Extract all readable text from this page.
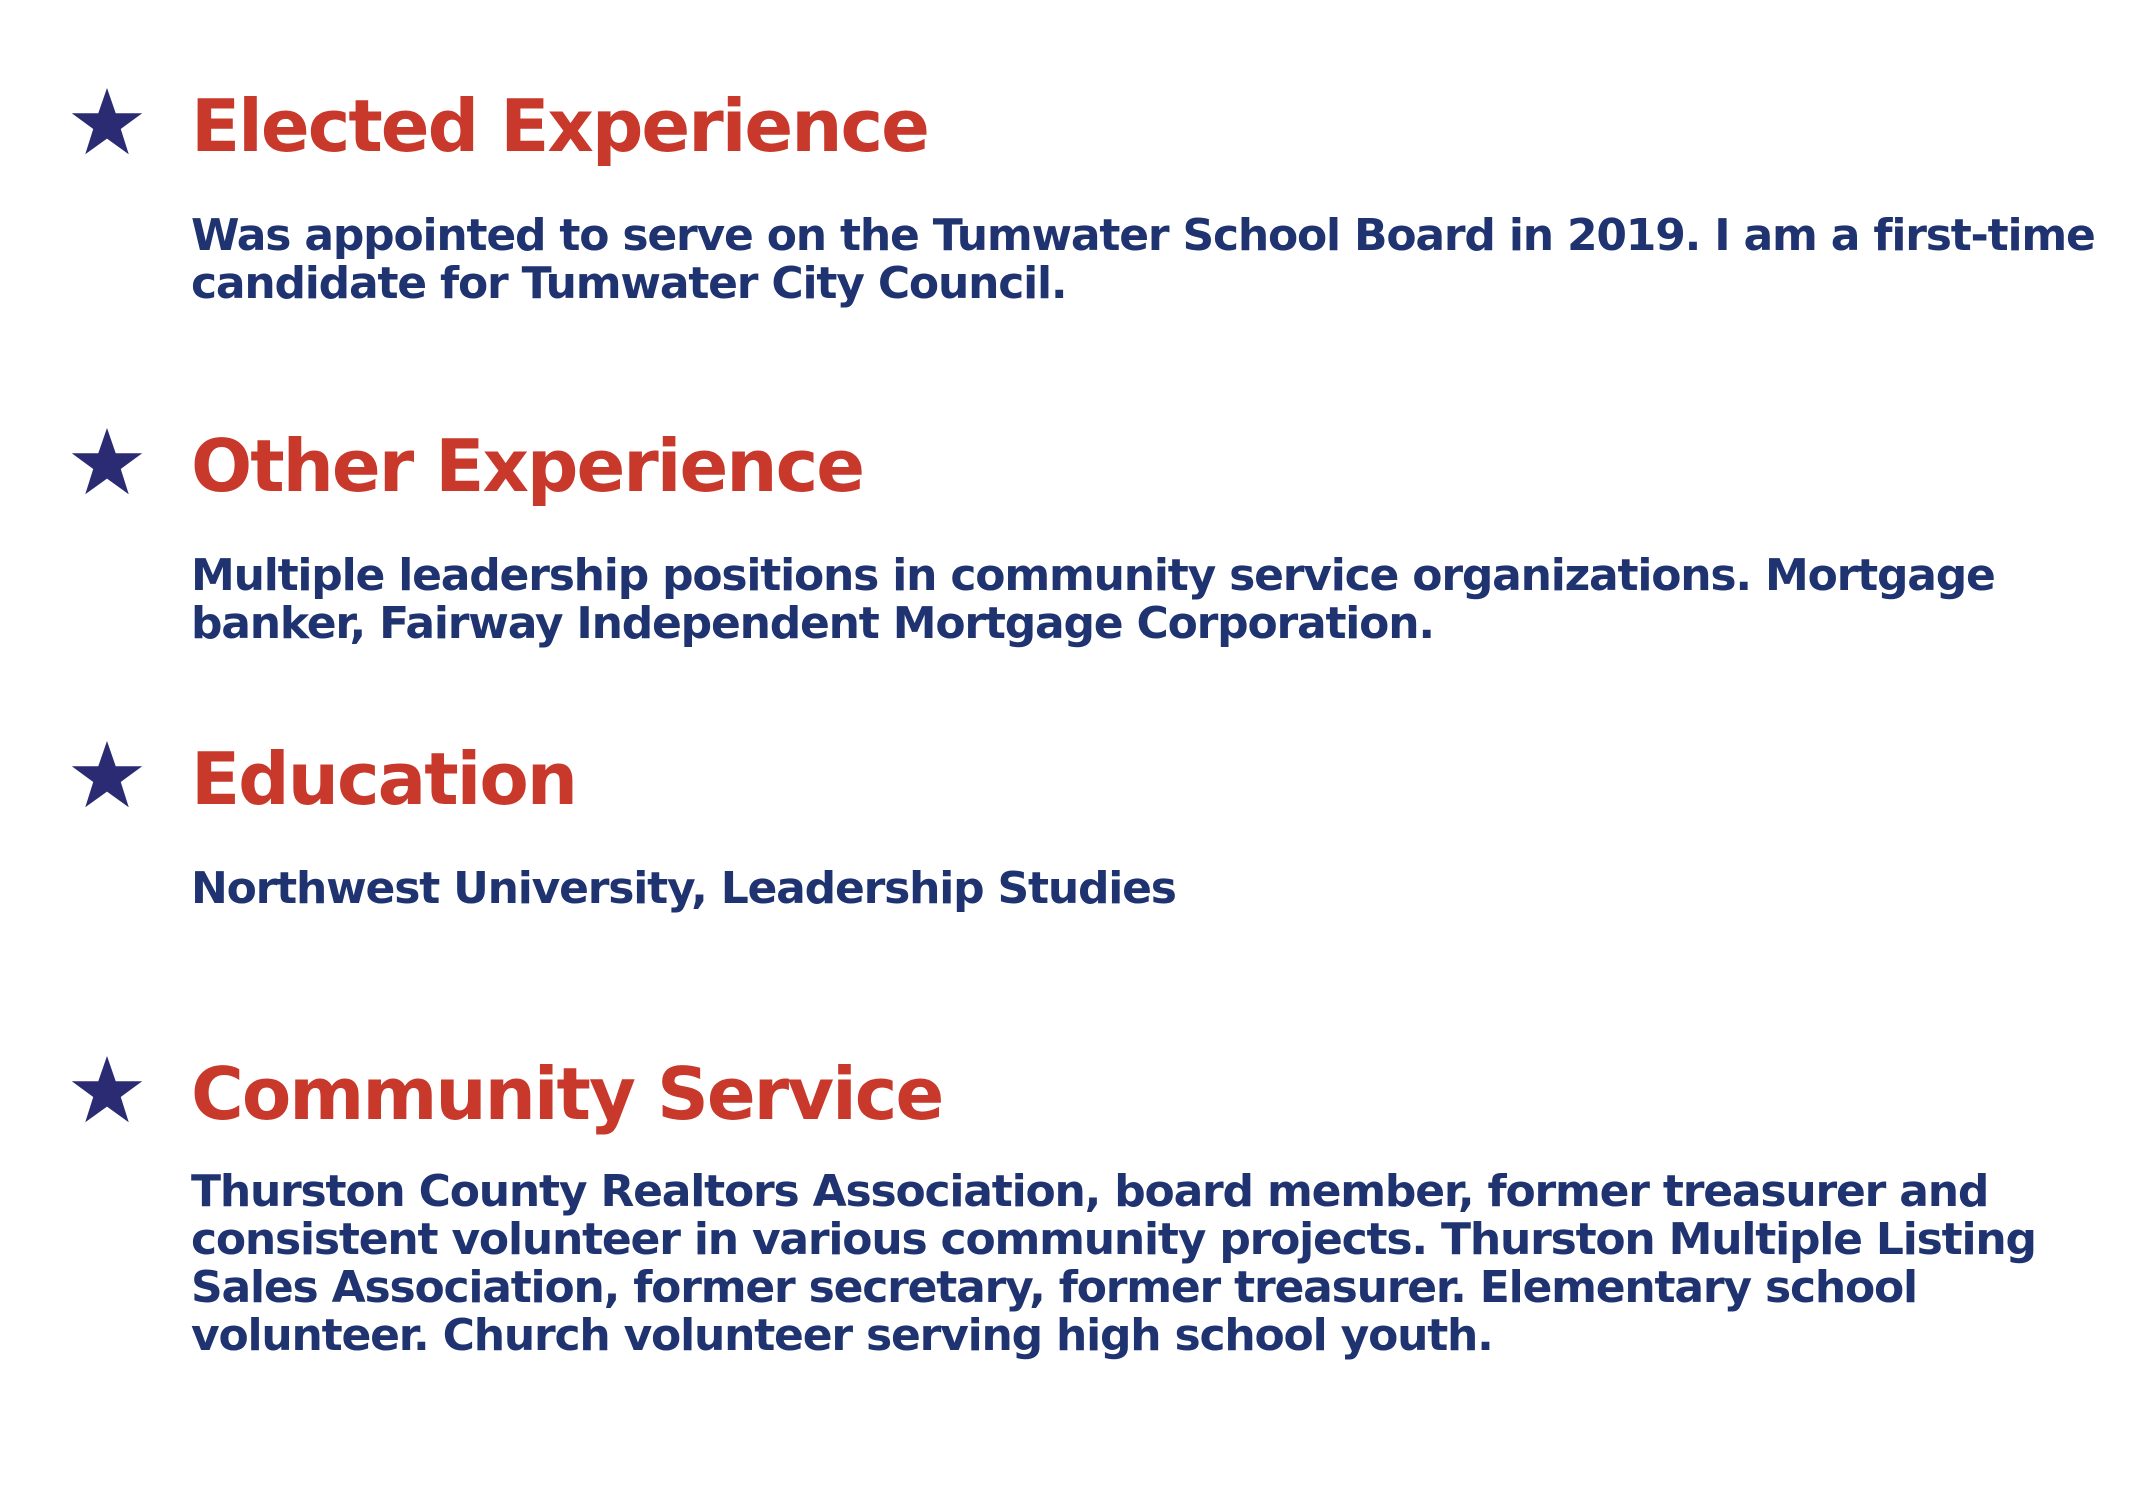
Elected Experience

Was appointed to serve on the Tumwater School Board in 2019. I am a first-time candidate for Tumwater City Council.

Other Experience

Multiple leadership positions in community service organizations. Mortgage banker, Fairway Independent Mortgage Corporation.

Education

Northwest University, Leadership Studies

Community Service

Thurston County Realtors Association, board member, former treasurer and consistent volunteer in various community projects. Thurston Multiple Listing Sales Association, former secretary, former treasurer. Elementary school volunteer. Church volunteer serving high school youth.
